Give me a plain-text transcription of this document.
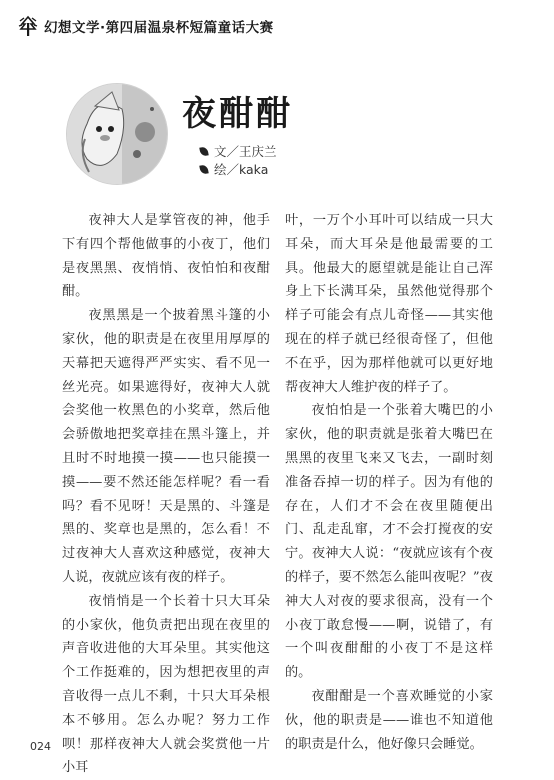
幻想文学·第四届温泉杯短篇童话大赛
夜酣酣
文／王庆兰
绘／kaka

夜神大人是掌管夜的神，他手下有四个帮他做事的小夜丁，他们是夜黑黑、夜悄悄、夜怕怕和夜酣酣。

夜黑黑是一个披着黑斗篷的小家伙，他的职责是在夜里用厚厚的天幕把天遮得严严实实、看不见一丝光亮。如果遮得好，夜神大人就会奖他一枚黑色的小奖章，然后他会骄傲地把奖章挂在黑斗篷上，并且时不时地摸一摸——也只能摸一摸——要不然还能怎样呢？看一看吗？看不见呀！天是黑的、斗篷是黑的、奖章也是黑的，怎么看！不过夜神大人喜欢这种感觉，夜神大人说，夜就应该有夜的样子。

夜悄悄是一个长着十只大耳朵的小家伙，他负责把出现在夜里的声音收进他的大耳朵里。其实他这个工作挺难的，因为想把夜里的声音收得一点儿不剩，十只大耳朵根本不够用。怎么办呢？努力工作呗！那样夜神大人就会奖赏他一片小耳

叶，一万个小耳叶可以结成一只大耳朵，而大耳朵是他最需要的工具。他最大的愿望就是能让自己浑身上下长满耳朵，虽然他觉得那个样子可能会有点儿奇怪——其实他现在的样子就已经很奇怪了，但他不在乎，因为那样他就可以更好地帮夜神大人维护夜的样子了。

夜怕怕是一个张着大嘴巴的小家伙，他的职责就是张着大嘴巴在黑黑的夜里飞来又飞去，一副时刻准备吞掉一切的样子。因为有他的存在，人们才不会在夜里随便出门、乱走乱窜，才不会打搅夜的安宁。夜神大人说：“夜就应该有个夜的样子，要不然怎么能叫夜呢？”夜神大人对夜的要求很高，没有一个小夜丁敢怠慢——啊，说错了，有一个叫夜酣酣的小夜丁不是这样的。

夜酣酣是一个喜欢睡觉的小家伙，他的职责是——谁也不知道他的职责是什么，他好像只会睡觉。

024
